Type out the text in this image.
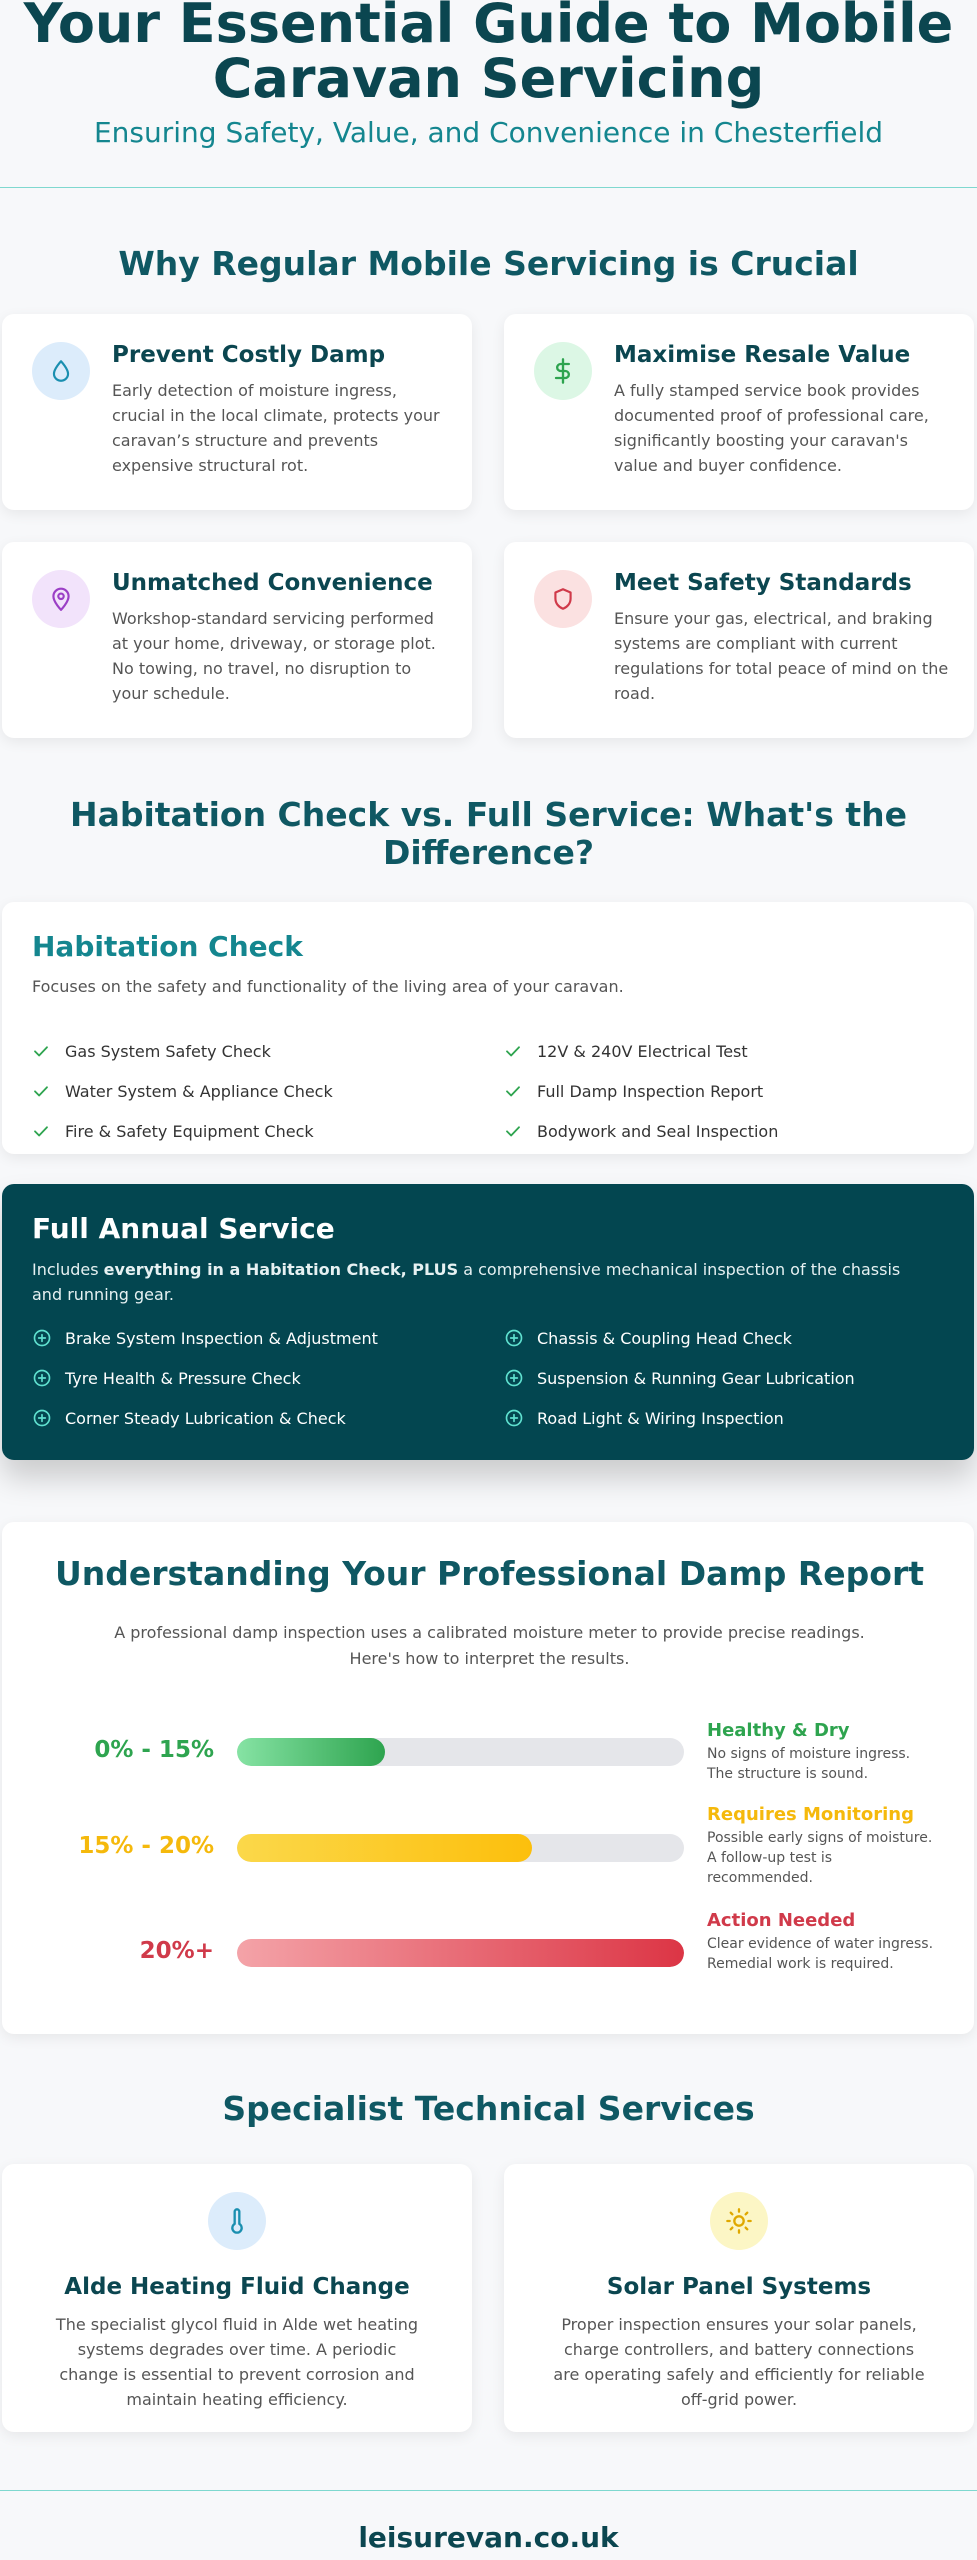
Your Essential Guide to Mobile
Caravan Servicing
Ensuring Safety, Value, and Convenience in Chesterfield
Why Regular Mobile Servicing is Crucial
Prevent Costly Damp

Early detection of moisture ingress, crucial in the local climate, protects your caravan’s structure and prevents expensive structural rot.

Maximise Resale Value

A fully stamped service book provides documented proof of professional care, significantly boosting your caravan's value and buyer confidence.

Unmatched Convenience

Workshop-standard servicing performed at your home, driveway, or storage plot. No towing, no travel, no disruption to your schedule.

Meet Safety Standards

Ensure your gas, electrical, and braking systems are compliant with current regulations for total peace of mind on the road.

Habitation Check vs. Full Service: What's the
Difference?
Habitation Check
Focuses on the safety and functionality of the living area of your caravan.
Gas System Safety Check	12V & 240V Electrical Test
Water System & Appliance Check	Full Damp Inspection Report
Fire & Safety Equipment Check	Bodywork and Seal Inspection
Full Annual Service
Includes everything in a Habitation Check, PLUS a comprehensive mechanical inspection of the chassis and running gear.
Brake System Inspection & Adjustment	Chassis & Coupling Head Check
Tyre Health & Pressure Check	Suspension & Running Gear Lubrication
Corner Steady Lubrication & Check	Road Light & Wiring Inspection
Understanding Your Professional Damp Report
A professional damp inspection uses a calibrated moisture meter to provide precise readings.
Here's how to interpret the results.
0% - 15%
Healthy & Dry
No signs of moisture ingress. The structure is sound.
15% - 20%
Requires Monitoring
Possible early signs of moisture. A follow-up test is recommended.
20%+
Action Needed
Clear evidence of water ingress. Remedial work is required.
Specialist Technical Services
Alde Heating Fluid Change

The specialist glycol fluid in Alde wet heating systems degrades over time. A periodic change is essential to prevent corrosion and maintain heating efficiency.

Solar Panel Systems

Proper inspection ensures your solar panels, charge controllers, and battery connections are operating safely and efficiently for reliable off-grid power.

leisurevan.co.uk
